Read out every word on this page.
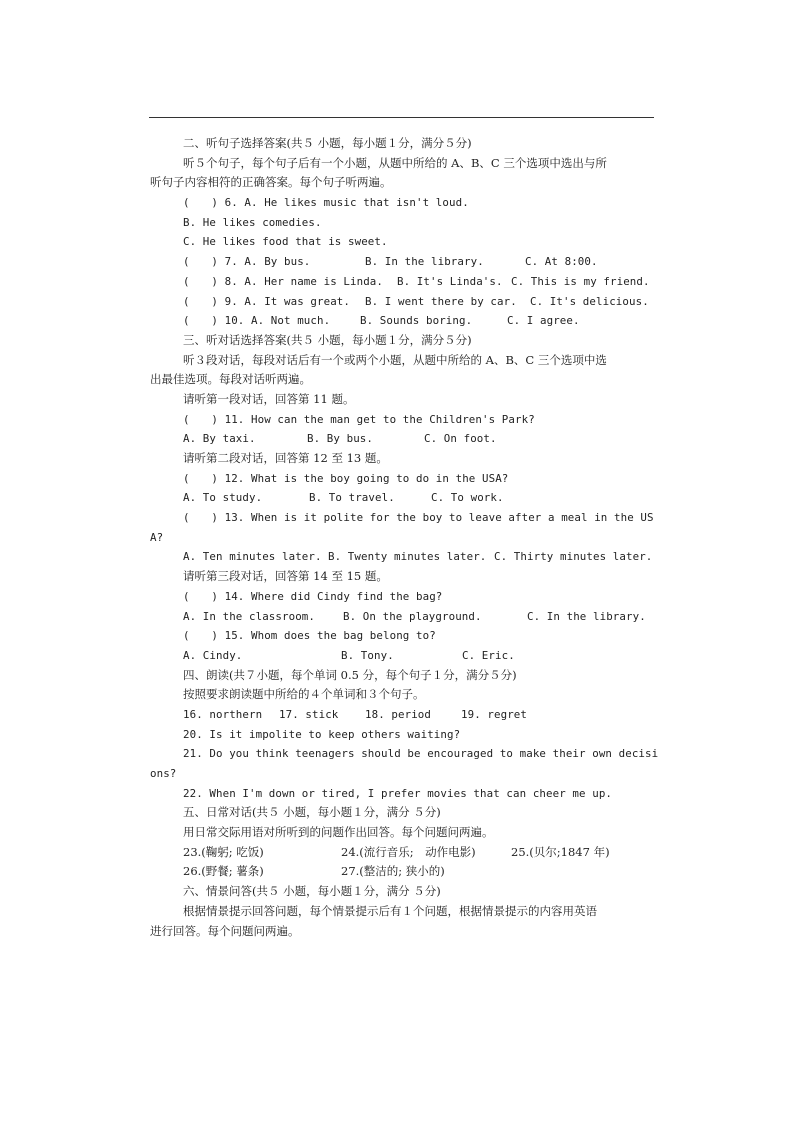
二、听句子选择答案(共５ 小题，每小题１分，满分５分)
听５个句子，每个句子后有一个小题，从题中所给的 A、B、C 三个选项中选出与所
听句子内容相符的正确答案。每个句子听两遍。
(　　) 6. A. He likes music that isn't loud.
B. He likes comedies.
C. He likes food that is sweet.
(　　) 7. A. By bus.	B. In the library.	C. At 8:00.
(　　) 8. A. Her name is Linda. B. It's Linda's. C. This is my friend.
(　　) 9. A. It was great. B. I went there by car. C. It's delicious.
(　　) 10. A. Not much.	B. Sounds boring.	C. I agree.
三、听对话选择答案(共５ 小题，每小题１分，满分５分)
听３段对话，每段对话后有一个或两个小题，从题中所给的 A、B、C 三个选项中选
出最佳选项。每段对话听两遍。
请听第一段对话，回答第 11 题。
(　　) 11. How can the man get to the Children's Park?
A. By taxi.	B. By bus.	C. On foot.
请听第二段对话，回答第 12 至 13 题。
(　　) 12. What is the boy going to do in the USA?
A. To study.	B. To travel.	C. To work.
(　　) 13. When is it polite for the boy to leave after a meal in the US
A?
A. Ten minutes later. B. Twenty minutes later. C. Thirty minutes later.
请听第三段对话，回答第 14 至 15 题。
(　　) 14. Where did Cindy find the bag?
A. In the classroom.	B. On the playground.	C. In the library.
(　　) 15. Whom does the bag belong to?
A. Cindy.	B. Tony.	C. Eric.
四、朗读(共７小题，每个单词 0.5 分，每个句子１分，满分５分)
按照要求朗读题中所给的４个单词和３个句子。
16. northern 17. stick 18. period	19. regret
20. Is it impolite to keep others waiting?
21. Do you think teenagers should be encouraged to make their own decisi
ons?
22. When I'm down or tired, I prefer movies that can cheer me up.
五、日常对话(共５ 小题，每小题１分，满分 ５分)
用日常交际用语对所听到的问题作出回答。每个问题问两遍。
23.(鞠躬; 吃饭)	24.(流行音乐;　动作电影)	25.(贝尔;1847 年)
26.(野餐; 薯条)	27.(整洁的; 狭小的)
六、情景问答(共５ 小题，每小题１分，满分 ５分)
根据情景提示回答问题，每个情景提示后有１个问题，根据情景提示的内容用英语
进行回答。每个问题问两遍。
